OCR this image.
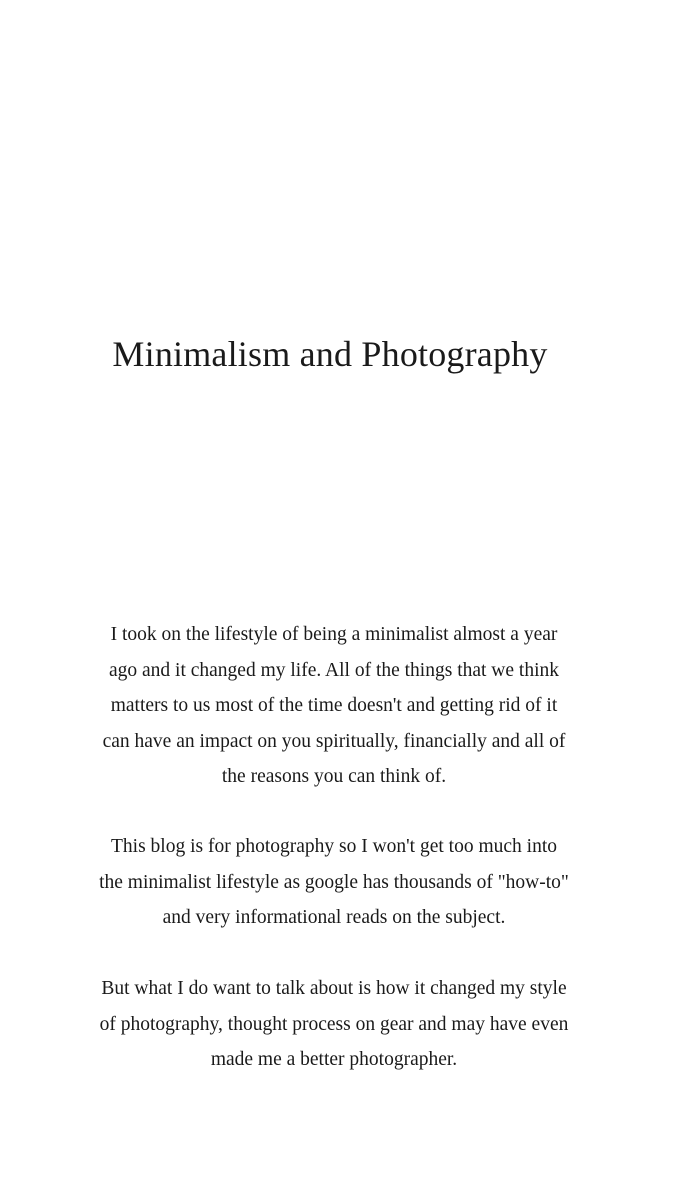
Minimalism and Photography

I took on the lifestyle of being a minimalist almost a year
ago and it changed my life. All of the things that we think
matters to us most of the time doesn't and getting rid of it
can have an impact on you spiritually, financially and all of
the reasons you can think of.

This blog is for photography so I won't get too much into
the minimalist lifestyle as google has thousands of "how-to"
and very informational reads on the subject.

But what I do want to talk about is how it changed my style
of photography, thought process on gear and may have even
made me a better photographer.
